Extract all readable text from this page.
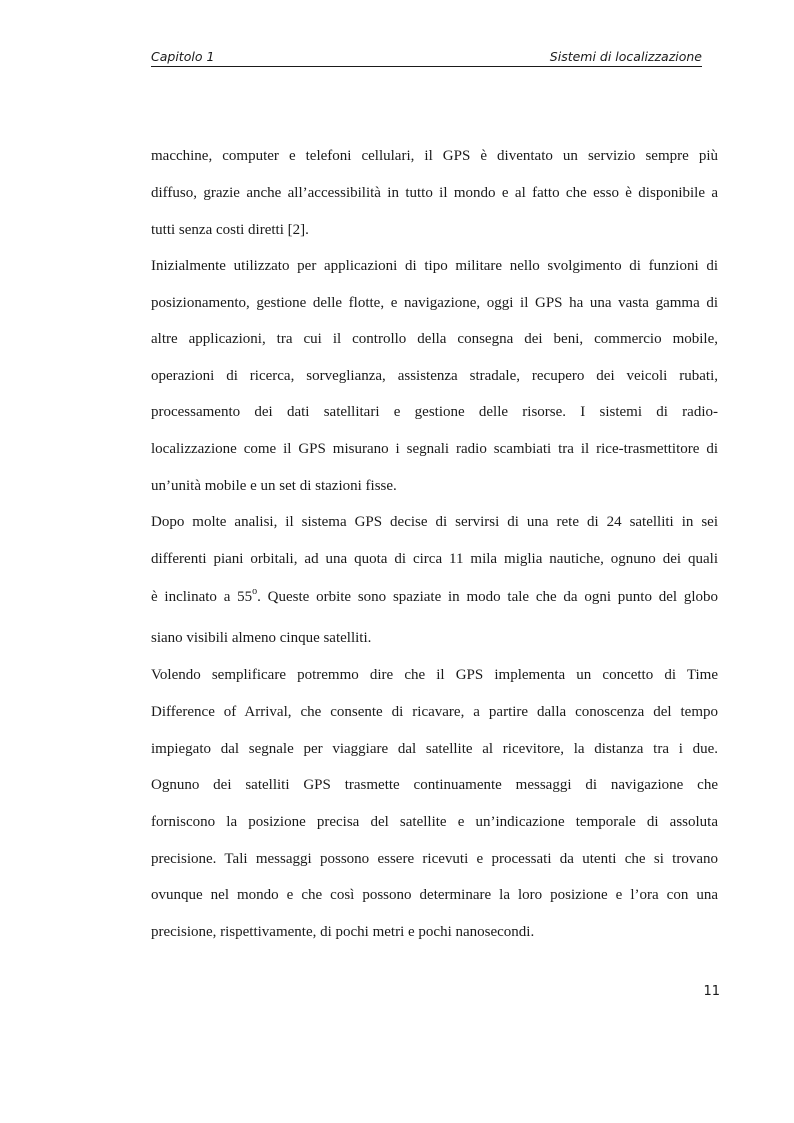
Capitolo 1	Sistemi di localizzazione
macchine, computer e telefoni cellulari, il GPS è diventato un servizio sempre più
diffuso, grazie anche all’accessibilità in tutto il mondo e al fatto che esso è disponibile a
tutti senza costi diretti [2].
Inizialmente utilizzato per applicazioni di tipo militare nello svolgimento di funzioni di
posizionamento, gestione delle flotte, e navigazione, oggi il GPS ha una vasta gamma di
altre applicazioni, tra cui il controllo della consegna dei beni, commercio mobile,
operazioni di ricerca, sorveglianza, assistenza stradale, recupero dei veicoli rubati,
processamento dei dati satellitari e gestione delle risorse. I sistemi di radio-
localizzazione come il GPS misurano i segnali radio scambiati tra il rice-trasmettitore di
un’unità mobile e un set di stazioni fisse.
Dopo molte analisi, il sistema GPS decise di servirsi di una rete di 24 satelliti in sei
differenti piani orbitali, ad una quota di circa 11 mila miglia nautiche, ognuno dei quali
è inclinato a 55$^o$. Queste orbite sono spaziate in modo tale che da ogni punto del globo
siano visibili almeno cinque satelliti.
Volendo semplificare potremmo dire che il GPS implementa un concetto di Time
Difference of Arrival, che consente di ricavare, a partire dalla conoscenza del tempo
impiegato dal segnale per viaggiare dal satellite al ricevitore, la distanza tra i due.
Ognuno dei satelliti GPS trasmette continuamente messaggi di navigazione che
forniscono la posizione precisa del satellite e un’indicazione temporale di assoluta
precisione. Tali messaggi possono essere ricevuti e processati da utenti che si trovano
ovunque nel mondo e che così possono determinare la loro posizione e l’ora con una
precisione, rispettivamente, di pochi metri e pochi nanosecondi.
11
